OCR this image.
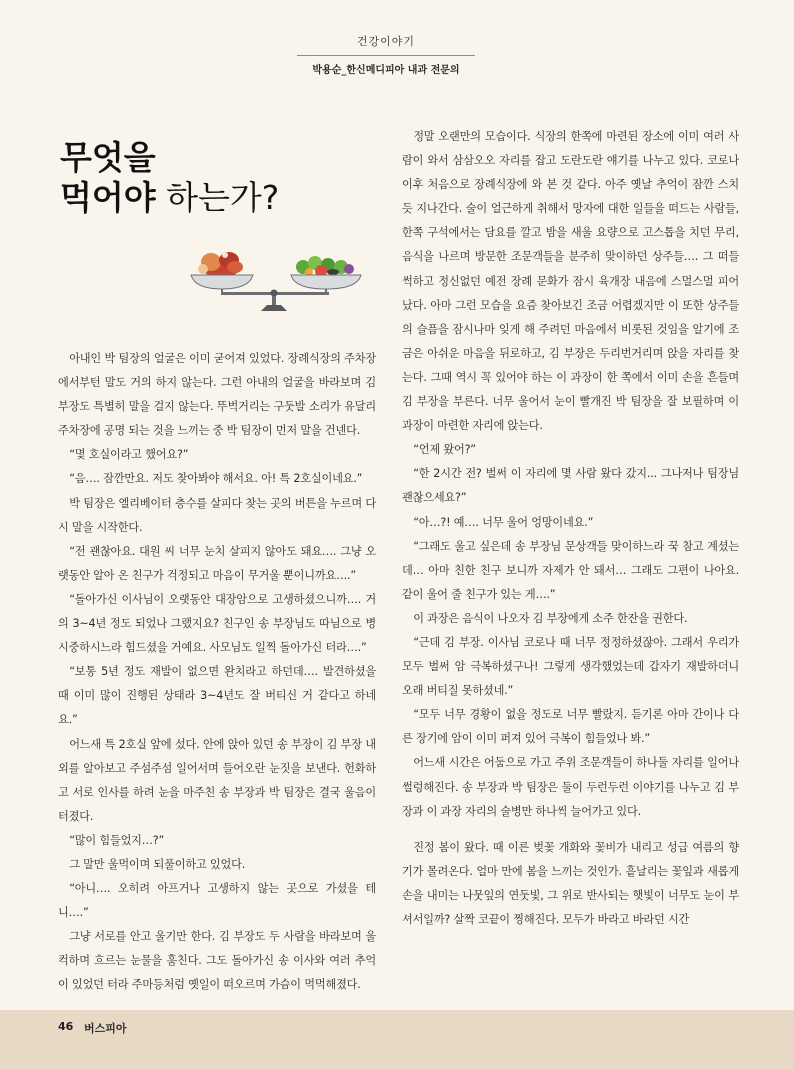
건강이야기
박용순_한신메디피아 내과 전문의
무엇을
먹어야 하는가?

아내인 박 팀장의 얼굴은 이미 굳어져 있었다. 장례식장의 주차장에서부턴 말도 거의 하지 않는다. 그런 아내의 얼굴을 바라보며 김 부장도 특별히 말을 걸지 않는다. 뚜벅거리는 구둣발 소리가 유달리 주차장에 공명 되는 것을 느끼는 중 박 팀장이 먼저 말을 건넨다.

“몇 호실이라고 했어요?”

“음…. 잠깐만요. 저도 찾아봐야 해서요. 아! 특 2호실이네요.”

박 팀장은 엘리베이터 층수를 살피다 찾는 곳의 버튼을 누르며 다시 말을 시작한다.

“전 괜찮아요. 대원 씨 너무 눈치 살피지 않아도 돼요…. 그냥 오랫동안 알아 온 친구가 걱정되고 마음이 무거울 뿐이니까요….”

“돌아가신 이사님이 오랫동안 대장암으로 고생하셨으니까…. 거의 3~4년 정도 되었나 그랬지요? 친구인 송 부장님도 따님으로 병시중하시느라 힘드셨을 거예요. 사모님도 일찍 돌아가신 터라….”

“보통 5년 정도 재발이 없으면 완치라고 하던데…. 발견하셨을 때 이미 많이 진행된 상태라 3~4년도 잘 버티신 거 같다고 하네요.”

어느새 특 2호실 앞에 섰다. 안에 앉아 있던 송 부장이 김 부장 내외를 알아보고 주섬주섬 일어서며 들어오란 눈짓을 보낸다. 헌화하고 서로 인사를 하려 눈을 마주친 송 부장과 박 팀장은 결국 울음이 터졌다.

“많이 힘들었지…?”

그 말만 울먹이며 되풀이하고 있었다.

“아니…. 오히려 아프거나 고생하지 않는 곳으로 가셨을 테니….”

그냥 서로를 안고 울기만 한다. 김 부장도 두 사람을 바라보며 울컥하며 흐르는 눈물을 훔친다. 그도 돌아가신 송 이사와 여러 추억이 있었던 터라 주마등처럼 옛일이 떠오르며 가슴이 먹먹해졌다.

정말 오랜만의 모습이다. 식장의 한쪽에 마련된 장소에 이미 여러 사람이 와서 삼삼오오 자리를 잡고 도란도란 얘기를 나누고 있다. 코로나 이후 처음으로 장례식장에 와 본 것 같다. 아주 옛날 추억이 잠깐 스치듯 지나간다. 술이 얼근하게 취해서 망자에 대한 일들을 떠드는 사람들, 한쪽 구석에서는 담요를 깔고 밤을 새울 요량으로 고스톱을 치던 무리, 음식을 나르며 방문한 조문객들을 분주히 맞이하던 상주들…. 그 떠들썩하고 정신없던 예전 장례 문화가 잠시 육개장 내음에 스멀스멀 피어났다. 아마 그런 모습을 요즘 찾아보긴 조금 어렵겠지만 이 또한 상주들의 슬픔을 잠시나마 잊게 해 주려던 마음에서 비롯된 것임을 알기에 조금은 아쉬운 마음을 뒤로하고, 김 부장은 두리번거리며 앉을 자리를 찾는다. 그때 역시 꼭 있어야 하는 이 과장이 한 쪽에서 이미 손을 흔들며 김 부장을 부른다. 너무 울어서 눈이 빨개진 박 팀장을 잘 보필하며 이 과장이 마련한 자리에 앉는다.

“언제 왔어?”

“한 2시간 전? 벌써 이 자리에 몇 사람 왔다 갔지... 그나저나 팀장님 괜찮으세요?”

“아…?! 예…. 너무 울어 엉망이네요.”

“그래도 울고 싶은데 송 부장님 문상객들 맞이하느라 꾹 참고 계셨는데… 아마 친한 친구 보니까 자제가 안 돼서… 그래도 그편이 나아요. 같이 울어 줄 친구가 있는 게….”

이 과장은 음식이 나오자 김 부장에게 소주 한잔을 권한다.

“근데 김 부장. 이사님 코로나 때 너무 정정하셨잖아. 그래서 우리가 모두 벌써 암 극복하셨구나! 그렇게 생각했었는데 갑자기 재발하더니 오래 버티질 못하셨네.”

“모두 너무 경황이 없을 정도로 너무 빨랐지. 듣기론 아마 간이나 다른 장기에 암이 이미 퍼져 있어 극복이 힘들었나 봐.”

어느새 시간은 어둠으로 가고 주위 조문객들이 하나둘 자리를 일어나 썰렁해진다. 송 부장과 박 팀장은 둘이 두런두런 이야기를 나누고 김 부장과 이 과장 자리의 술병만 하나씩 늘어가고 있다.

진정 봄이 왔다. 때 이른 벚꽃 개화와 꽃비가 내리고 성급 여름의 향기가 몰려온다. 얼마 만에 봄을 느끼는 것인가. 흩날리는 꽃잎과 새롭게 손을 내미는 나뭇잎의 연둣빛, 그 위로 반사되는 햇빛이 너무도 눈이 부셔서일까? 살짝 코끝이 찡해진다. 모두가 바라고 바라던 시간

46 버스피아
